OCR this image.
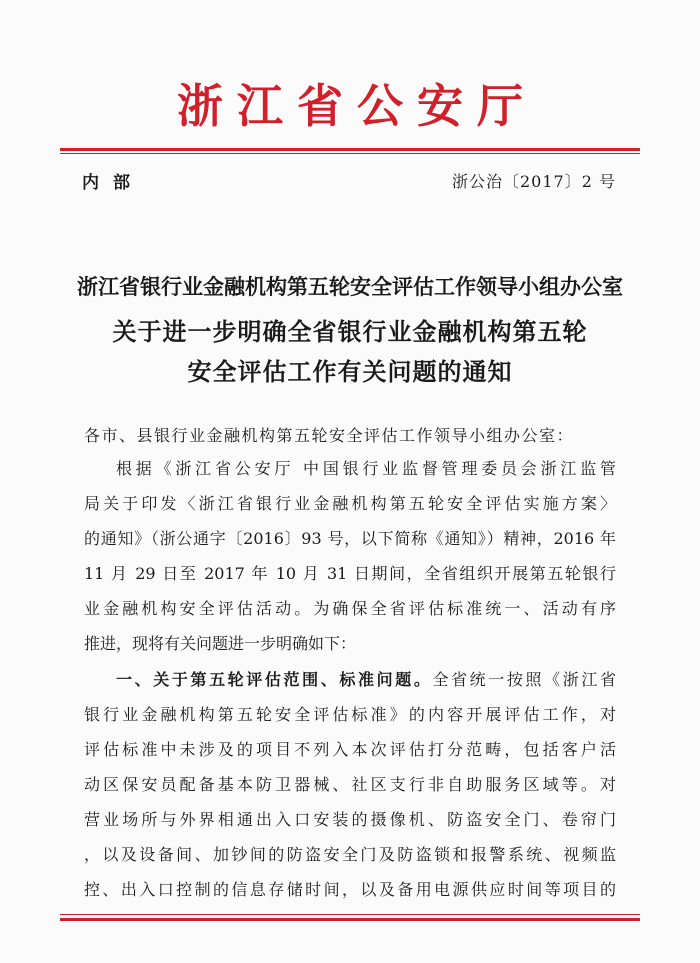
浙江省公安厅
内部	浙公治〔2017〕2 号
浙江省银行业金融机构第五轮安全评估工作领导小组办公室
关于进一步明确全省银行业金融机构第五轮
安全评估工作有关问题的通知
各市、县银行业金融机构第五轮安全评估工作领导小组办公室：
根据《浙江省公安厅 中国银行业监督管理委员会浙江监管
局关于印发〈浙江省银行业金融机构第五轮安全评估实施方案〉
的通知》（浙公通字〔2016〕93 号，以下简称《通知》）精神，2016 年
11 月 29 日至 2017 年 10 月 31 日期间，全省组织开展第五轮银行
业金融机构安全评估活动。为确保全省评估标准统一、活动有序
推进，现将有关问题进一步明确如下：
一、关于第五轮评估范围、标准问题。全省统一按照《浙江省
银行业金融机构第五轮安全评估标准》的内容开展评估工作，对
评估标准中未涉及的项目不列入本次评估打分范畴，包括客户活
动区保安员配备基本防卫器械、社区支行非自助服务区域等。对
营业场所与外界相通出入口安装的摄像机、防盗安全门、卷帘门
，以及设备间、加钞间的防盗安全门及防盗锁和报警系统、视频监
控、出入口控制的信息存储时间，以及备用电源供应时间等项目的
